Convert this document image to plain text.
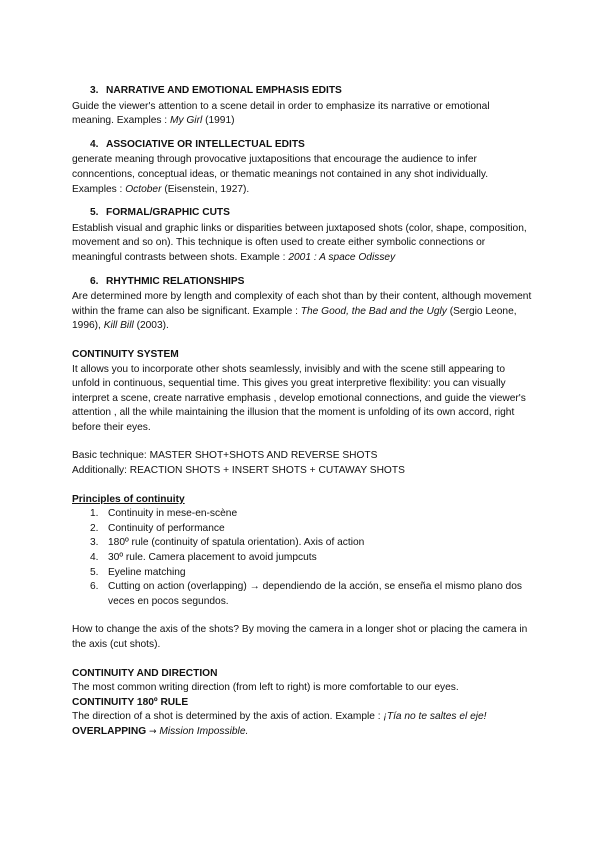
3. NARRATIVE AND EMOTIONAL EMPHASIS EDITS

Guide the viewer's attention to a scene detail in order to emphasize its narrative or emotional meaning. Examples : My Girl (1991)

4. ASSOCIATIVE OR INTELLECTUAL EDITS

generate meaning through provocative juxtapositions that encourage the audience to infer conncentions, conceptual ideas, or thematic meanings not contained in any shot individually. Examples : October (Eisenstein, 1927).

5. FORMAL/GRAPHIC CUTS

Establish visual and graphic links or disparities between juxtaposed shots (color, shape, composition, movement and so on). This technique is often used to create either symbolic connections or meaningful contrasts between shots. Example : 2001 : A space Odissey

6. RHYTHMIC RELATIONSHIPS

Are determined more by length and complexity of each shot than by their content, although movement within the frame can also be significant. Example : The Good, the Bad and the Ugly (Sergio Leone, 1996), Kill Bill (2003).

CONTINUITY SYSTEM

It allows you to incorporate other shots seamlessly, invisibly and with the scene still appearing to unfold in continuous, sequential time. This gives you great interpretive flexibility: you can visually interpret a scene, create narrative emphasis , develop emotional connections, and guide the viewer's attention , all the while maintaining the illusion that the moment is unfolding of its own accord, right before their eyes.

Basic technique: MASTER SHOT+SHOTS AND REVERSE SHOTS

Additionally: REACTION SHOTS + INSERT SHOTS + CUTAWAY SHOTS

Principles of continuity

1. Continuity in mese-en-scène
2. Continuity of performance
3. 180º rule (continuity of spatula orientation). Axis of action
4. 30º rule. Camera placement to avoid jumpcuts
5. Eyeline matching
6. Cutting on action (overlapping) → dependiendo de la acción, se enseña el mismo plano dos veces en pocos segundos.

How to change the axis of the shots? By moving the camera in a longer shot or placing the camera in the axis (cut shots).

CONTINUITY AND DIRECTION

The most common writing direction (from left to right) is more comfortable to our eyes.

CONTINUITY 180º RULE

The direction of a shot is determined by the axis of action. Example : ¡Tía no te saltes el eje!

OVERLAPPING → Mission Impossible.
